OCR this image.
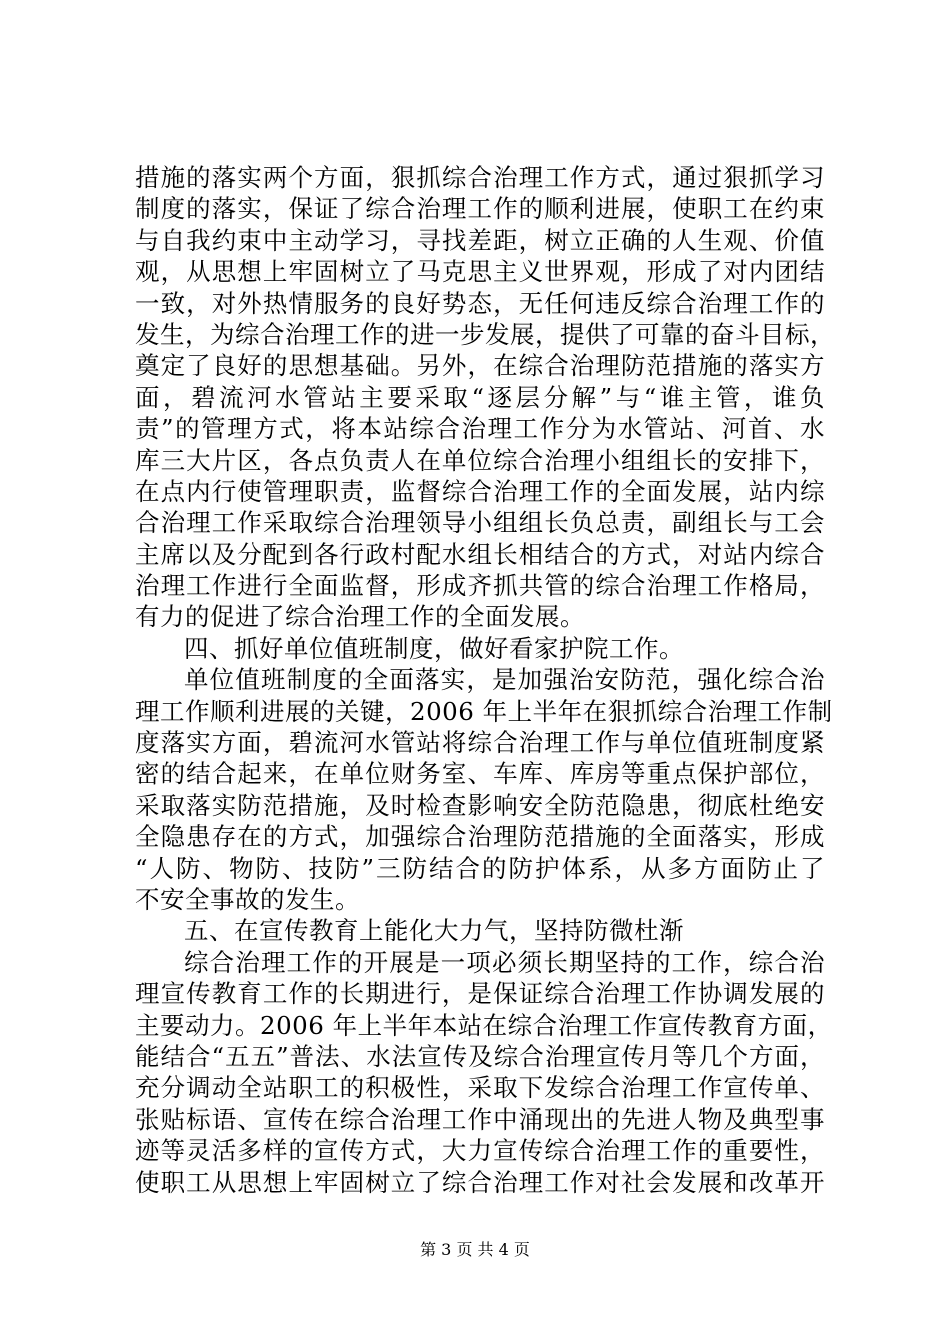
措施的落实两个方面，狠抓综合治理工作方式，通过狠抓学习
制度的落实，保证了综合治理工作的顺利进展，使职工在约束
与自我约束中主动学习，寻找差距，树立正确的人生观、价值
观，从思想上牢固树立了马克思主义世界观，形成了对内团结
一致，对外热情服务的良好势态，无任何违反综合治理工作的
发生，为综合治理工作的进一步发展，提供了可靠的奋斗目标，
奠定了良好的思想基础。另外，在综合治理防范措施的落实方
面，碧流河水管站主要采取“逐层分解”与“谁主管，谁负
责”的管理方式，将本站综合治理工作分为水管站、河首、水
库三大片区，各点负责人在单位综合治理小组组长的安排下，
在点内行使管理职责，监督综合治理工作的全面发展，站内综
合治理工作采取综合治理领导小组组长负总责，副组长与工会
主席以及分配到各行政村配水组长相结合的方式，对站内综合
治理工作进行全面监督，形成齐抓共管的综合治理工作格局，
有力的促进了综合治理工作的全面发展。
四、抓好单位值班制度，做好看家护院工作。
单位值班制度的全面落实，是加强治安防范，强化综合治
理工作顺利进展的关键，2006 年上半年在狠抓综合治理工作制
度落实方面，碧流河水管站将综合治理工作与单位值班制度紧
密的结合起来，在单位财务室、车库、库房等重点保护部位，
采取落实防范措施，及时检查影响安全防范隐患，彻底杜绝安
全隐患存在的方式，加强综合治理防范措施的全面落实，形成
“人防、物防、技防”三防结合的防护体系，从多方面防止了
不安全事故的发生。
五、在宣传教育上能化大力气，坚持防微杜渐
综合治理工作的开展是一项必须长期坚持的工作，综合治
理宣传教育工作的长期进行，是保证综合治理工作协调发展的
主要动力。2006 年上半年本站在综合治理工作宣传教育方面，
能结合“五五”普法、水法宣传及综合治理宣传月等几个方面，
充分调动全站职工的积极性，采取下发综合治理工作宣传单、
张贴标语、宣传在综合治理工作中涌现出的先进人物及典型事
迹等灵活多样的宣传方式，大力宣传综合治理工作的重要性，
使职工从思想上牢固树立了综合治理工作对社会发展和改革开
第 3 页 共 4 页
